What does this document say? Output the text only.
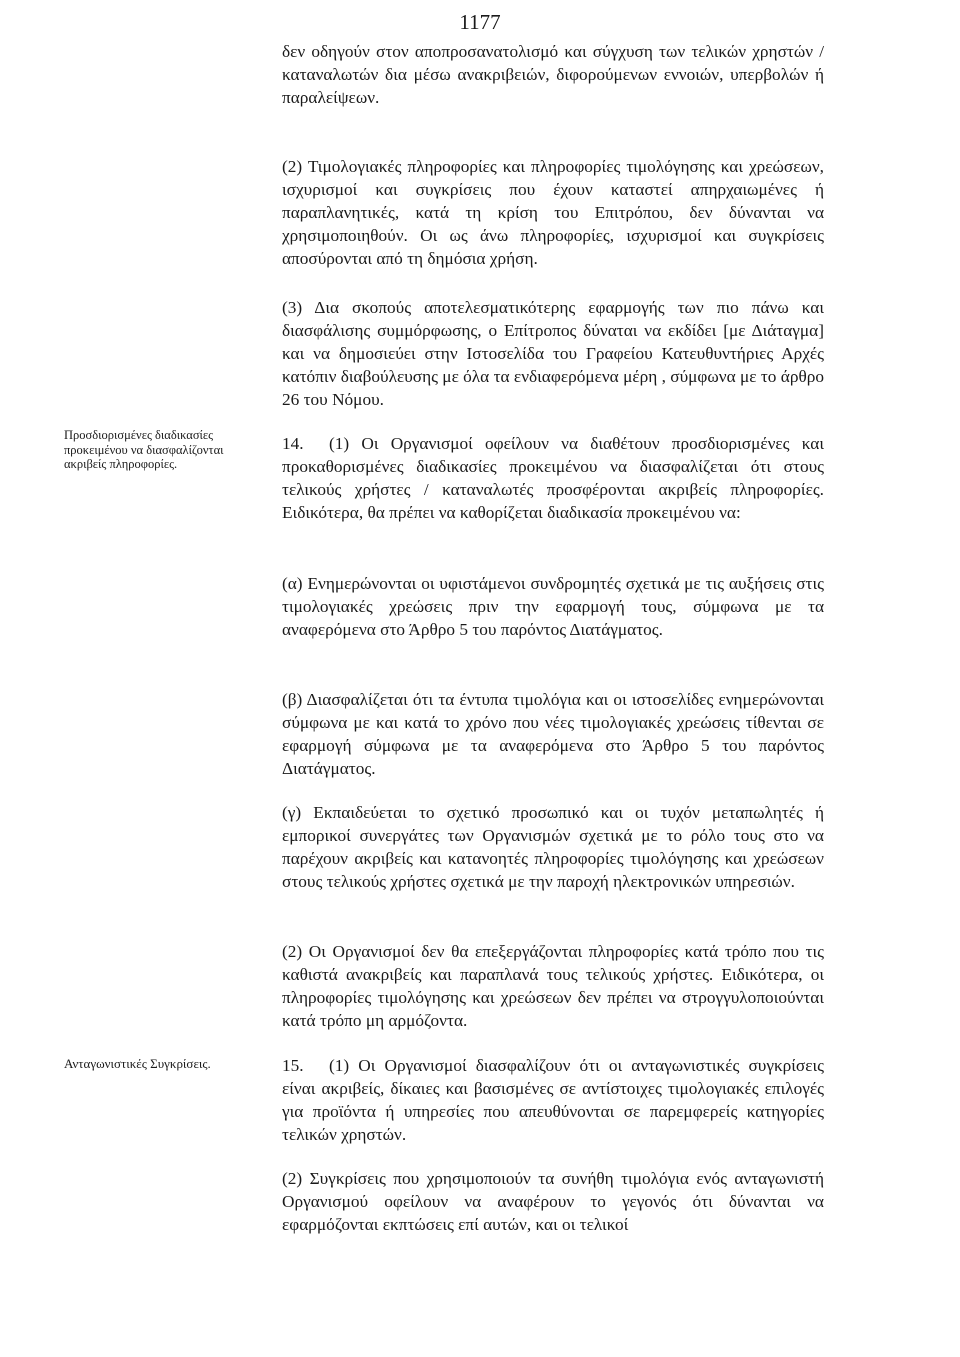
1177

δεν οδηγούν στον αποπροσανατολισμό και σύγχυση των τελικών χρηστών / καταναλωτών δια μέσω ανακριβειών, διφορούμενων εννοιών, υπερβολών ή παραλείψεων.

(2) Τιμολογιακές πληροφορίες και πληροφορίες τιμολόγησης και χρεώσεων, ισχυρισμοί και συγκρίσεις που έχουν καταστεί απηρχαιωμένες ή παραπλανητικές, κατά τη κρίση του Επιτρόπου, δεν δύνανται να χρησιμοποιηθούν. Οι ως άνω πληροφορίες, ισχυρισμοί και συγκρίσεις αποσύρονται από τη δημόσια χρήση.

(3) Δια σκοπούς αποτελεσματικότερης εφαρμογής των πιο πάνω και διασφάλισης συμμόρφωσης, ο Επίτροπος δύναται να εκδίδει [με Διάταγμα] και να δημοσιεύει στην Ιστοσελίδα του Γραφείου Κατευθυντήριες Αρχές κατόπιν διαβούλευσης με όλα τα ενδιαφερόμενα μέρη , σύμφωνα με το άρθρο 26 του Νόμου.

Προσδιορισμένες διαδικασίες προκειμένου να διασφαλίζονται ακριβείς πληροφορίες.

14. (1) Οι Οργανισμοί οφείλουν να διαθέτουν προσδιορισμένες και προκαθορισμένες διαδικασίες προκειμένου να διασφαλίζεται ότι στους τελικούς χρήστες / καταναλωτές προσφέρονται ακριβείς πληροφορίες. Ειδικότερα, θα πρέπει να καθορίζεται διαδικασία προκειμένου να:

(α) Ενημερώνονται οι υφιστάμενοι συνδρομητές σχετικά με τις αυξήσεις στις τιμολογιακές χρεώσεις πριν την εφαρμογή τους, σύμφωνα με τα αναφερόμενα στο Άρθρο 5 του παρόντος Διατάγματος.

(β) Διασφαλίζεται ότι τα έντυπα τιμολόγια και οι ιστοσελίδες ενημερώνονται σύμφωνα με και κατά το χρόνο που νέες τιμολογιακές χρεώσεις τίθενται σε εφαρμογή σύμφωνα με τα αναφερόμενα στο Άρθρο 5 του παρόντος Διατάγματος.

(γ) Εκπαιδεύεται το σχετικό προσωπικό και οι τυχόν μεταπωλητές ή εμπορικοί συνεργάτες των Οργανισμών σχετικά με το ρόλο τους στο να παρέχουν ακριβείς και κατανοητές πληροφορίες τιμολόγησης και χρεώσεων στους τελικούς χρήστες σχετικά με την παροχή ηλεκτρονικών υπηρεσιών.

(2) Οι Οργανισμοί δεν θα επεξεργάζονται πληροφορίες κατά τρόπο που τις καθιστά ανακριβείς και παραπλανά τους τελικούς χρήστες. Ειδικότερα, οι πληροφορίες τιμολόγησης και χρεώσεων δεν πρέπει να στρογγυλοποιούνται κατά τρόπο μη αρμόζοντα.

Ανταγωνιστικές Συγκρίσεις.	15. (1) Οι Οργανισμοί διασφαλίζουν ότι οι ανταγωνιστικές συγκρίσεις είναι ακριβείς, δίκαιες και βασισμένες σε αντίστοιχες τιμολογιακές επιλογές για προϊόντα ή υπηρεσίες που απευθύνονται σε παρεμφερείς κατηγορίες τελικών χρηστών.

(2) Συγκρίσεις που χρησιμοποιούν τα συνήθη τιμολόγια ενός ανταγωνιστή Οργανισμού οφείλουν να αναφέρουν το γεγονός ότι δύνανται να εφαρμόζονται εκπτώσεις επί αυτών, και οι τελικοί
